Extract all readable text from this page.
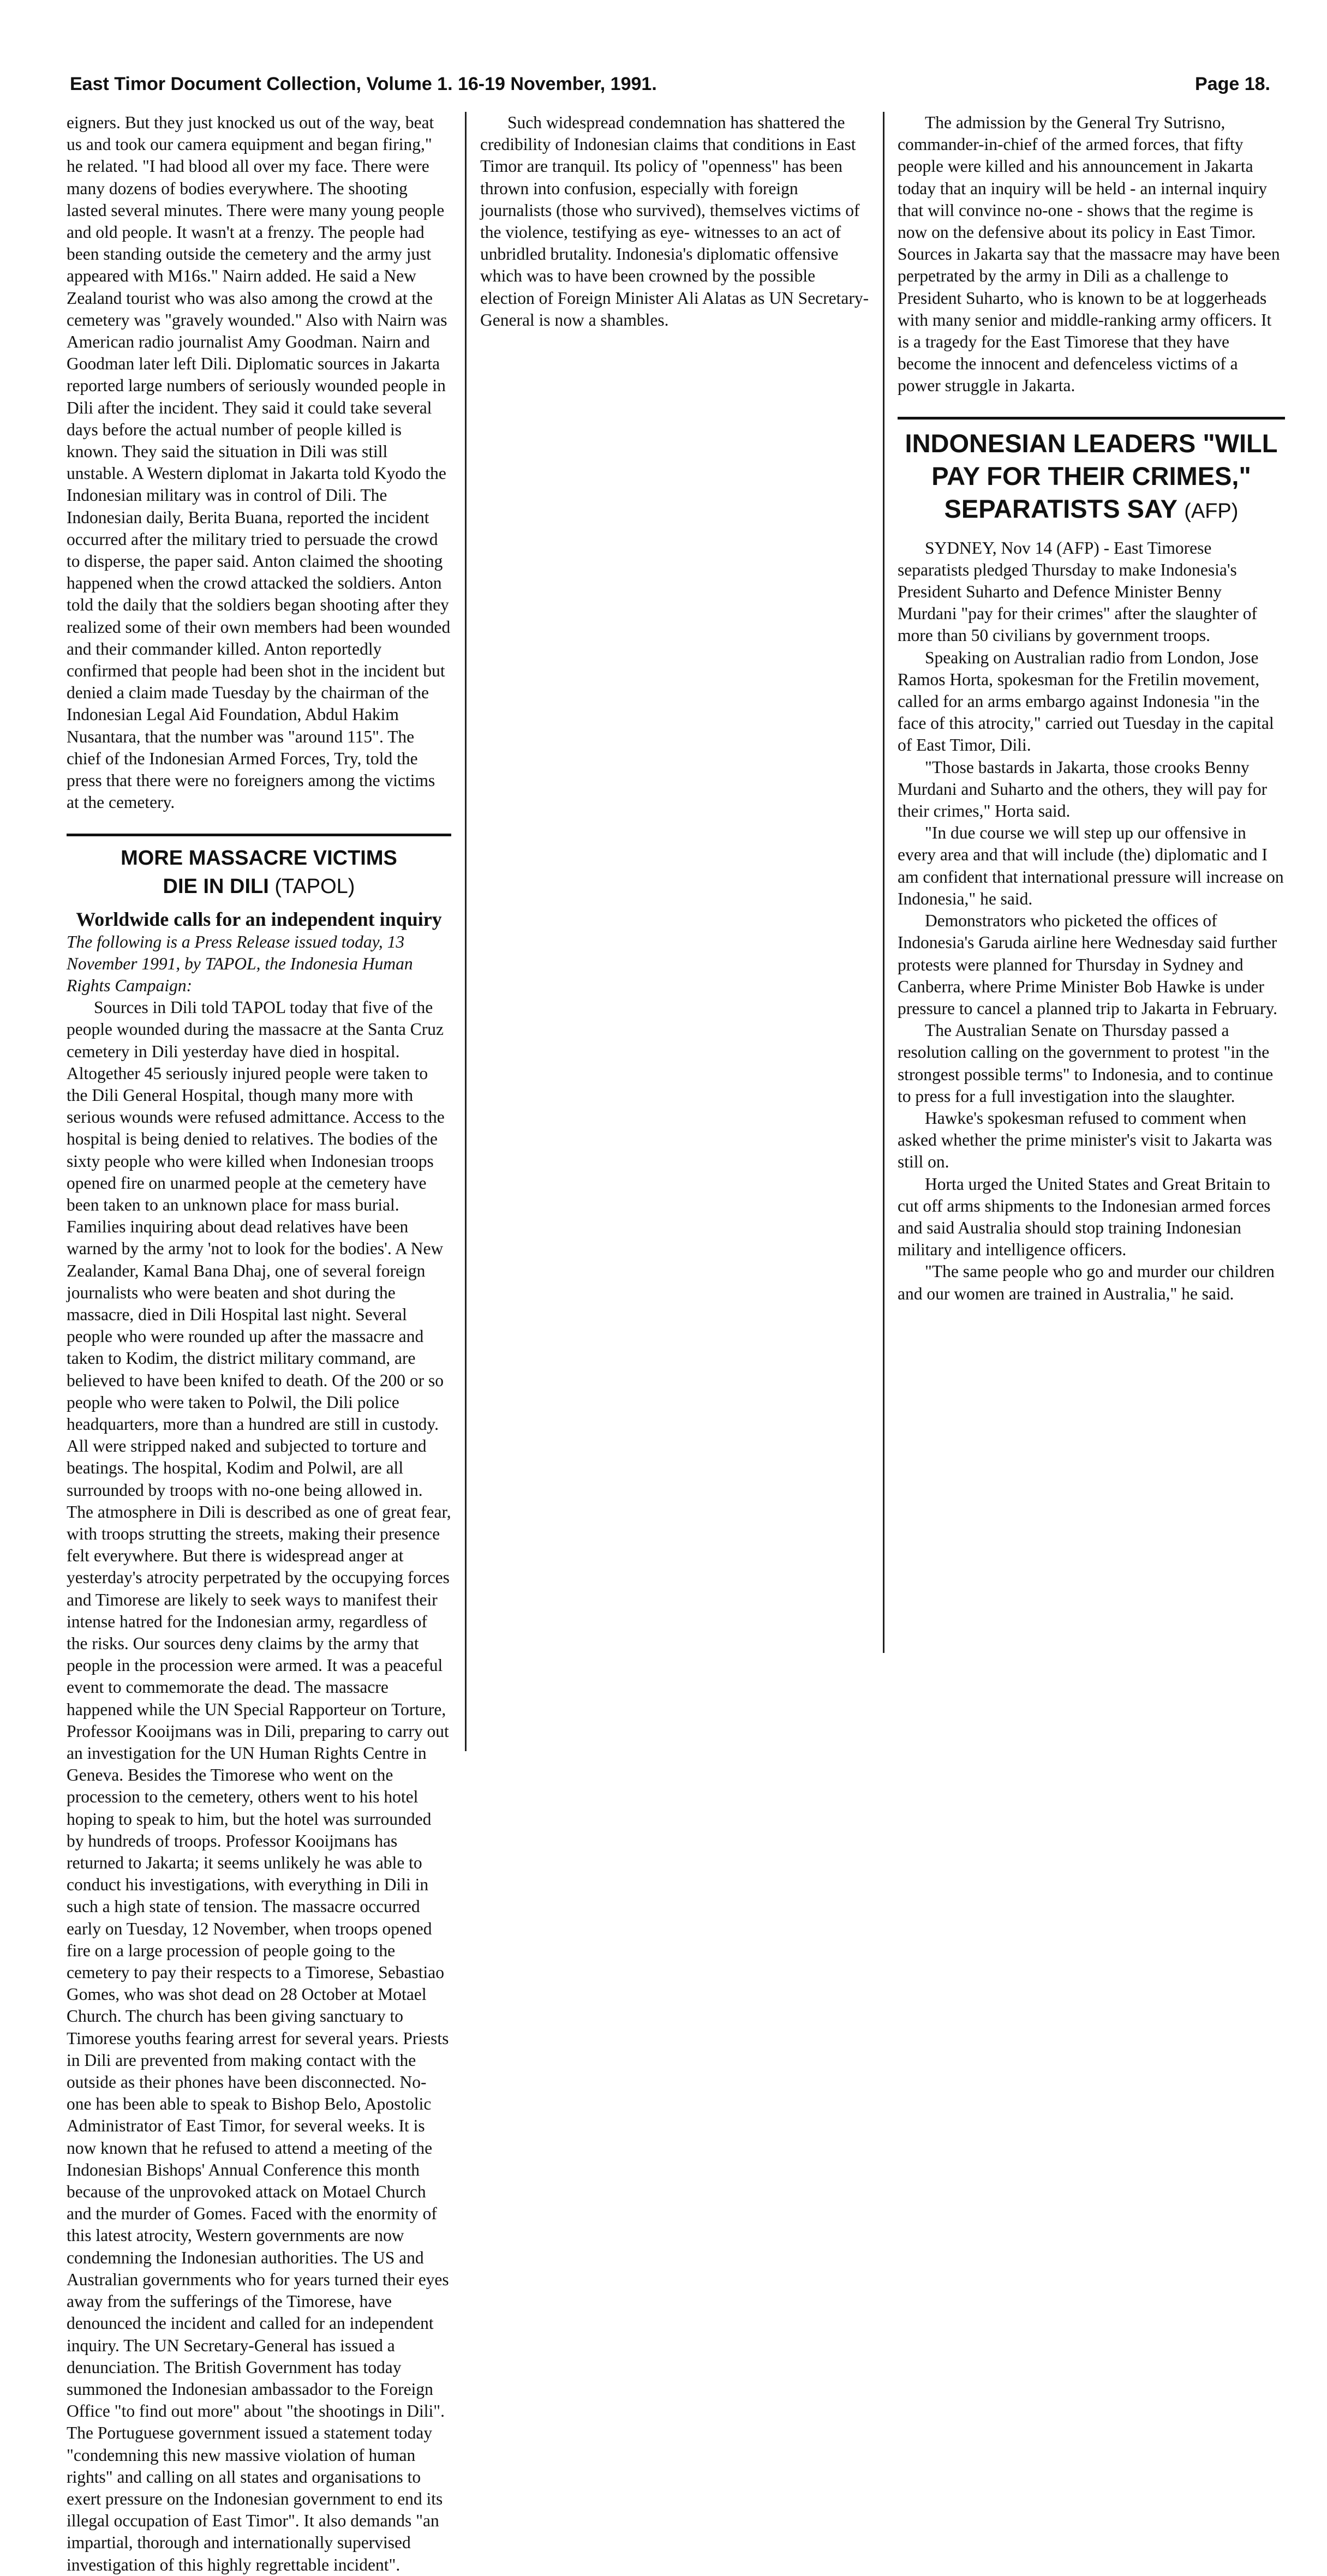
East Timor Document Collection, Volume 1. 16-19 November, 1991.	Page 18.

eigners. But they just knocked us out of the way, beat us and took our camera equipment and began firing," he related. "I had blood all over my face. There were many dozens of bodies everywhere. The shooting lasted several minutes. There were many young people and old people. It wasn't at a frenzy. The people had been standing outside the cemetery and the army just appeared with M16s." Nairn added. He said a New Zealand tourist who was also among the crowd at the cemetery was "gravely wounded." Also with Nairn was American radio journalist Amy Goodman. Nairn and Goodman later left Dili. Diplomatic sources in Jakarta reported large numbers of seriously wounded people in Dili after the incident. They said it could take several days before the actual number of people killed is known. They said the situation in Dili was still unstable. A Western diplomat in Jakarta told Kyodo the Indonesian military was in control of Dili. The Indonesian daily, Berita Buana, reported the incident occurred after the military tried to persuade the crowd to disperse, the paper said. Anton claimed the shooting happened when the crowd attacked the soldiers. Anton told the daily that the soldiers began shooting after they realized some of their own members had been wounded and their commander killed. Anton reportedly confirmed that people had been shot in the incident but denied a claim made Tuesday by the chairman of the Indonesian Legal Aid Foundation, Abdul Hakim Nusantara, that the number was "around 115". The chief of the Indonesian Armed Forces, Try, told the press that there were no foreigners among the victims at the cemetery.

MORE MASSACRE VICTIMS
DIE IN DILI (TAPOL)
Worldwide calls for an independent inquiry

The following is a Press Release issued today, 13 November 1991, by TAPOL, the Indonesia Human Rights Campaign:

Sources in Dili told TAPOL today that five of the people wounded during the massacre at the Santa Cruz cemetery in Dili yesterday have died in hospital. Altogether 45 seriously injured people were taken to the Dili General Hospital, though many more with serious wounds were refused admittance. Access to the hospital is being denied to relatives. The bodies of the sixty people who were killed when Indonesian troops opened fire on unarmed people at the cemetery have been taken to an unknown place for mass burial. Families inquiring about dead relatives have been warned by the army 'not to look for the bodies'. A New Zealander, Kamal Bana Dhaj, one of several foreign journalists who were beaten and shot during the massacre, died in Dili Hospital last night. Several people who were rounded up after the massacre and taken to Kodim, the district military command, are believed to have been knifed to death. Of the 200 or so people who were taken to Polwil, the Dili police headquarters, more than a hundred are still in custody. All were stripped naked and subjected to torture and beatings. The hospital, Kodim and Polwil, are all surrounded by troops with no-one being allowed in. The atmosphere in Dili is described as one of great fear, with troops strutting the streets, making their presence felt everywhere. But there is widespread anger at yesterday's atrocity perpetrated by the occupying forces and Timorese are likely to seek ways to manifest their intense hatred for the Indonesian army, regardless of the risks. Our sources deny claims by the army that people in the procession were armed. It was a peaceful event to commemorate the dead. The massacre happened while the UN Special Rapporteur on Torture, Professor Kooijmans was in Dili, preparing to carry out an investigation for the UN Human Rights Centre in Geneva. Besides the Timorese who went on the procession to the cemetery, others went to his hotel hoping to speak to him, but the hotel was surrounded by hundreds of troops. Professor Kooijmans has returned to Jakarta; it seems unlikely he was able to conduct his investigations, with everything in Dili in such a high state of tension. The massacre occurred early on Tuesday, 12 November, when troops opened fire on a large procession of people going to the cemetery to pay their respects to a Timorese, Sebastiao Gomes, who was shot dead on 28 October at Motael Church. The church has been giving sanctuary to Timorese youths fearing arrest for several years. Priests in Dili are prevented from making contact with the outside as their phones have been disconnected. No-one has been able to speak to Bishop Belo, Apostolic Administrator of East Timor, for several weeks. It is now known that he refused to attend a meeting of the Indonesian Bishops' Annual Conference this month because of the unprovoked attack on Motael Church and the murder of Gomes. Faced with the enormity of this latest atrocity, Western governments are now condemning the Indonesian authorities. The US and Australian governments who for years turned their eyes away from the sufferings of the Timorese, have denounced the incident and called for an independent inquiry. The UN Secretary-General has issued a denunciation. The British Government has today summoned the Indonesian ambassador to the Foreign Office "to find out more" about "the shootings in Dili". The Portuguese government issued a statement today "condemning this new massive violation of human rights" and calling on all states and organisations to exert pressure on the Indonesian government to end its illegal occupation of East Timor". It also demands "an impartial, thorough and internationally supervised investigation of this highly regrettable incident".

Such widespread condemnation has shattered the credibility of Indonesian claims that conditions in East Timor are tranquil. Its policy of "openness" has been thrown into confusion, especially with foreign journalists (those who survived), themselves victims of the violence, testifying as eye- witnesses to an act of unbridled brutality. Indonesia's diplomatic offensive which was to have been crowned by the possible election of Foreign Minister Ali Alatas as UN Secretary-General is now a shambles.

The admission by the General Try Sutrisno, commander-in-chief of the armed forces, that fifty people were killed and his announcement in Jakarta today that an inquiry will be held - an internal inquiry that will convince no-one - shows that the regime is now on the defensive about its policy in East Timor. Sources in Jakarta say that the massacre may have been perpetrated by the army in Dili as a challenge to President Suharto, who is known to be at loggerheads with many senior and middle-ranking army officers. It is a tragedy for the East Timorese that they have become the innocent and defenceless victims of a power struggle in Jakarta.

INDONESIAN LEADERS "WILL
PAY FOR THEIR CRIMES,"
SEPARATISTS SAY (AFP)

SYDNEY, Nov 14 (AFP) - East Timorese separatists pledged Thursday to make Indonesia's President Suharto and Defence Minister Benny Murdani "pay for their crimes" after the slaughter of more than 50 civilians by government troops.

Speaking on Australian radio from London, Jose Ramos Horta, spokesman for the Fretilin movement, called for an arms embargo against Indonesia "in the face of this atrocity," carried out Tuesday in the capital of East Timor, Dili.

"Those bastards in Jakarta, those crooks Benny Murdani and Suharto and the others, they will pay for their crimes," Horta said.

"In due course we will step up our offensive in every area and that will include (the) diplomatic and I am confident that international pressure will increase on Indonesia," he said.

Demonstrators who picketed the offices of Indonesia's Garuda airline here Wednesday said further protests were planned for Thursday in Sydney and Canberra, where Prime Minister Bob Hawke is under pressure to cancel a planned trip to Jakarta in February.

The Australian Senate on Thursday passed a resolution calling on the government to protest "in the strongest possible terms" to Indonesia, and to continue to press for a full investigation into the slaughter.

Hawke's spokesman refused to comment when asked whether the prime minister's visit to Jakarta was still on.

Horta urged the United States and Great Britain to cut off arms shipments to the Indonesian armed forces and said Australia should stop training Indonesian military and intelligence officers.

"The same people who go and murder our children and our women are trained in Australia," he said.
